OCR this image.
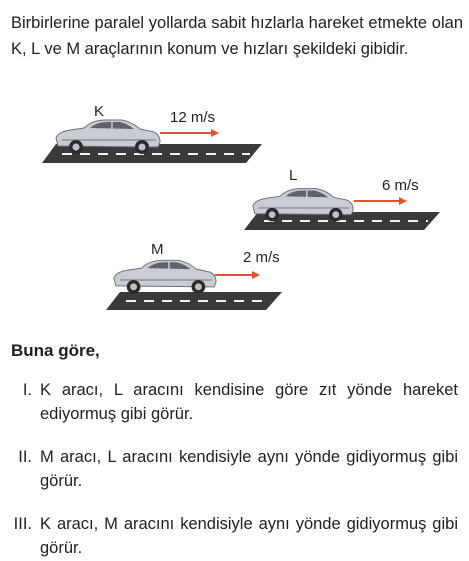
Birbirlerine paralel yollarda sabit hızlarla hareket etmekte olan K, L ve M araçlarının konum ve hızları şekildeki gibidir.

K	12 m/s
L
6 m/s
M	2 m/s

Buna göre,

I. K aracı, L aracını kendisine göre zıt yönde hareket ediyormuş gibi görür.
II. M aracı, L aracını kendisiyle aynı yönde gidiyormuş gibi görür.
III. K aracı, M aracını kendisiyle aynı yönde gidiyormuş gibi görür.
